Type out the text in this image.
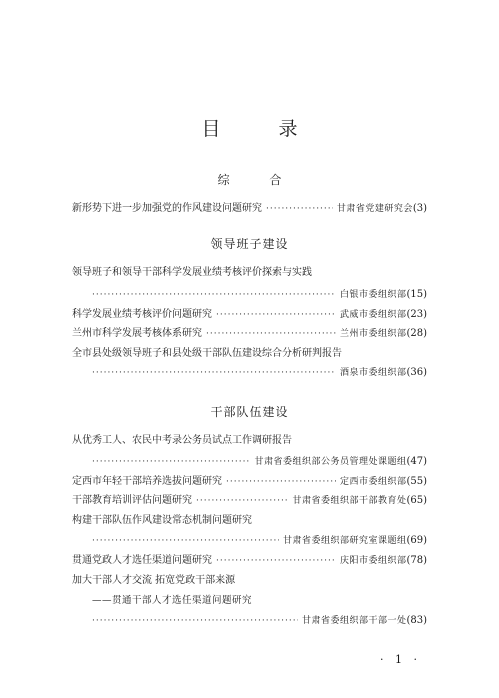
目 录
综 合
新形势下进一步加强党的作风建设问题研究 ·····	甘肃省党建研究会 (3)
领导班子建设
领导班子和领导干部科学发展业绩考核评价探索与实践
·····
白银市委组织部 (15)
科学发展业绩考核评价问题研究 ·····	武威市委组织部 (23)
兰州市科学发展考核体系研究 ·····	兰州市委组织部 (28)
全市县处级领导班子和县处级干部队伍建设综合分析研判报告
·····
酒泉市委组织部 (36)
干部队伍建设
从优秀工人、农民中考录公务员试点工作调研报告
·····
甘肃省委组织部公务员管理处课题组 (47)
定西市年轻干部培养选拔问题研究 ·····	定西市委组织部 (55)
干部教育培训评估问题研究 ·····	甘肃省委组织部干部教育处 (65)
构建干部队伍作风建设常态机制问题研究
·····
甘肃省委组织部研究室课题组 (69)
贯通党政人才选任渠道问题研究 ·····	庆阳市委组织部 (78)
加大干部人才交流 拓宽党政干部来源
——贯通干部人才选任渠道问题研究
·····
甘肃省委组织部干部一处 (83)
· 1 ·
